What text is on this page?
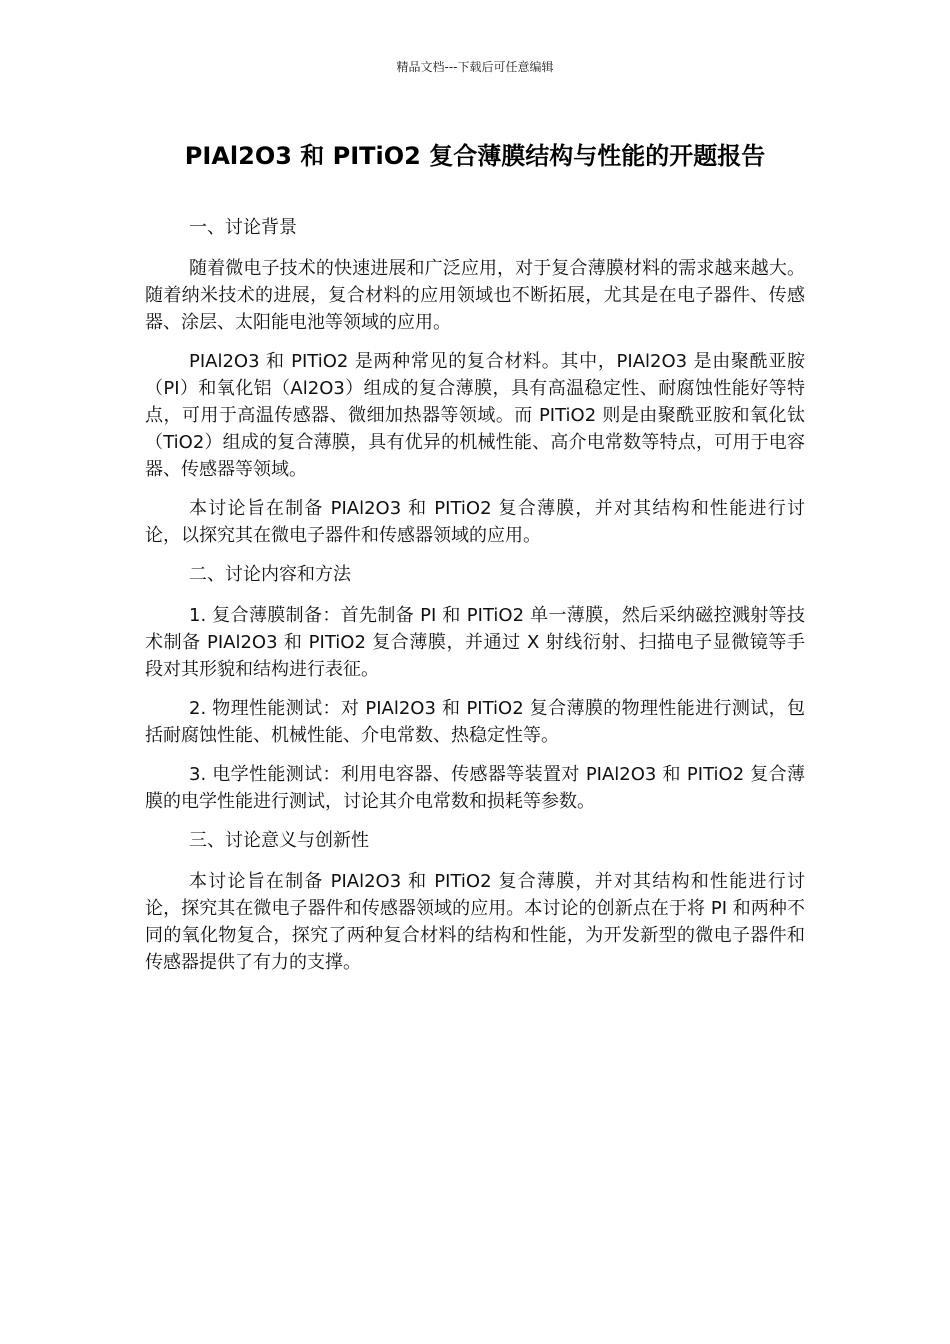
精品文档---下载后可任意编辑
PIAl2O3 和 PITiO2 复合薄膜结构与性能的开题报告

一、讨论背景

随着微电子技术的快速进展和广泛应用，对于复合薄膜材料的需求越来越大。随着纳米技术的进展，复合材料的应用领域也不断拓展，尤其是在电子器件、传感器、涂层、太阳能电池等领域的应用。

PIAl2O3 和 PITiO2 是两种常见的复合材料。其中，PIAl2O3 是由聚酰亚胺（PI）和氧化铝（Al2O3）组成的复合薄膜，具有高温稳定性、耐腐蚀性能好等特点，可用于高温传感器、微细加热器等领域。而 PITiO2 则是由聚酰亚胺和氧化钛（TiO2）组成的复合薄膜，具有优异的机械性能、高介电常数等特点，可用于电容器、传感器等领域。

本讨论旨在制备 PIAl2O3 和 PITiO2 复合薄膜，并对其结构和性能进行讨论，以探究其在微电子器件和传感器领域的应用。

二、讨论内容和方法

1. 复合薄膜制备：首先制备 PI 和 PITiO2 单一薄膜，然后采纳磁控溅射等技术制备 PIAl2O3 和 PITiO2 复合薄膜，并通过 X 射线衍射、扫描电子显微镜等手段对其形貌和结构进行表征。

2. 物理性能测试：对 PIAl2O3 和 PITiO2 复合薄膜的物理性能进行测试，包括耐腐蚀性能、机械性能、介电常数、热稳定性等。

3. 电学性能测试：利用电容器、传感器等装置对 PIAl2O3 和 PITiO2 复合薄膜的电学性能进行测试，讨论其介电常数和损耗等参数。

三、讨论意义与创新性

本讨论旨在制备 PIAl2O3 和 PITiO2 复合薄膜，并对其结构和性能进行讨论，探究其在微电子器件和传感器领域的应用。本讨论的创新点在于将 PI 和两种不同的氧化物复合，探究了两种复合材料的结构和性能，为开发新型的微电子器件和传感器提供了有力的支撑。
